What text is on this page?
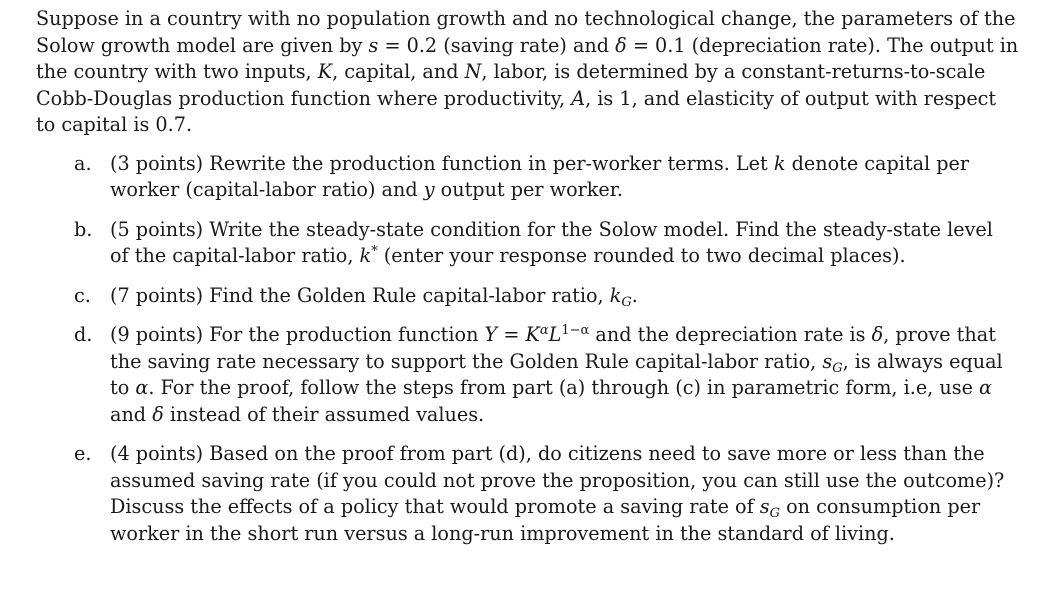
Suppose in a country with no population growth and no technological change, the parameters of the Solow growth model are given by s = 0.2 (saving rate) and δ = 0.1 (depreciation rate). The output in the country with two inputs, K, capital, and N, labor, is determined by a constant-returns-to-scale Cobb-Douglas production function where productivity, A, is 1, and elasticity of output with respect to capital is 0.7.

a. (3 points) Rewrite the production function in per-worker terms. Let k denote capital per worker (capital-labor ratio) and y output per worker.
b. (5 points) Write the steady-state condition for the Solow model. Find the steady-state level of the capital-labor ratio, k* (enter your response rounded to two decimal places).
c. (7 points) Find the Golden Rule capital-labor ratio, $k_G$.
d. (9 points) For the production function $Y = K^\alpha L^{1-\alpha}$ and the depreciation rate is δ, prove that the saving rate necessary to support the Golden Rule capital-labor ratio, $s_G$, is always equal to α. For the proof, follow the steps from part (a) through (c) in parametric form, i.e, use α and δ instead of their assumed values.
e. (4 points) Based on the proof from part (d), do citizens need to save more or less than the assumed saving rate (if you could not prove the proposition, you can still use the outcome)? Discuss the effects of a policy that would promote a saving rate of $s_G$ on consumption per worker in the short run versus a long-run improvement in the standard of living.
